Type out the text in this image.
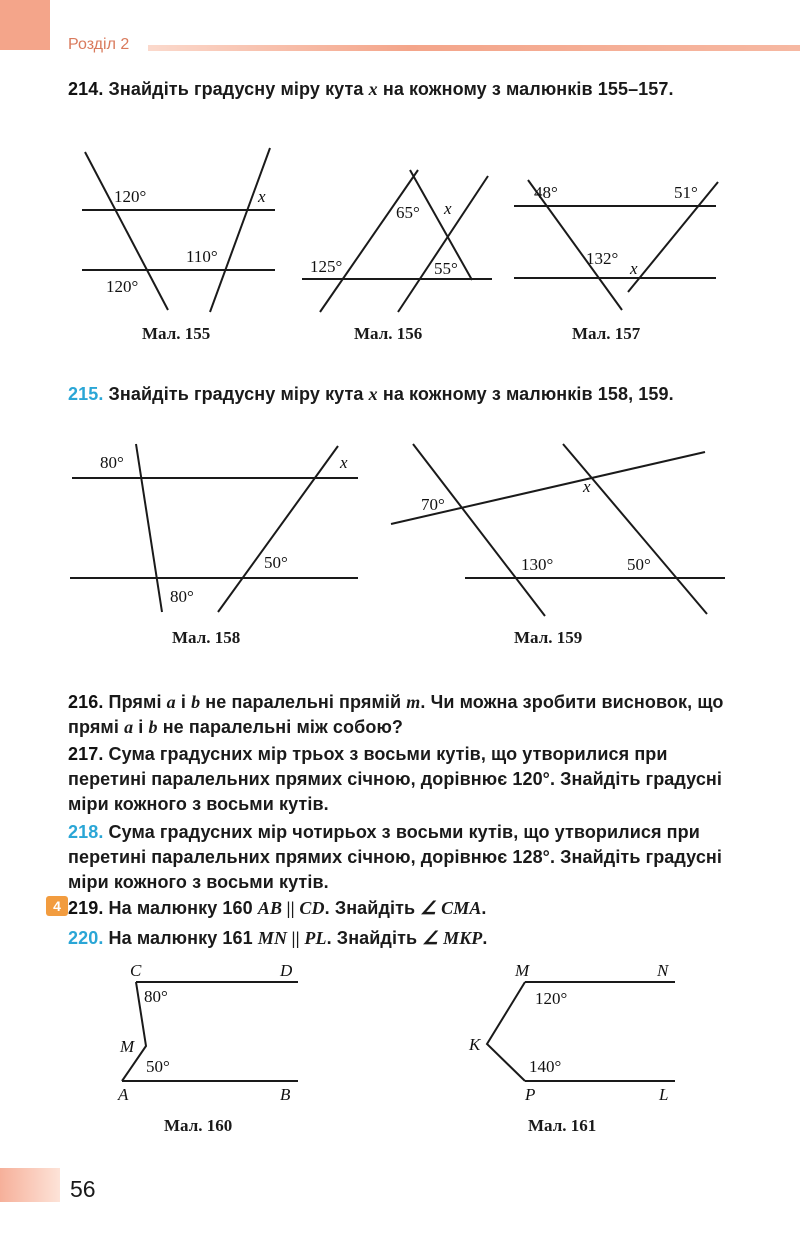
Розділ 2
214. Знайдіть градусну міру кута x на кожному з малюнків 155–157.
120°	x
110°
120°
Мал. 155
65° x
125°	55°
Мал. 156
48°	51°
132°
x
Мал. 157
215. Знайдіть градусну міру кута x на кожному з малюнків 158, 159.
80°	x
50°
80°
Мал. 158
70°
x
130°	50°
Мал. 159
216. Прямі a і b не паралельні прямій m. Чи можна зробити висновок, що прямі a і b не паралельні між собою?
217. Сума градусних мір трьох з восьми кутів, що утворилися при перетині паралельних прямих січною, дорівнює 120°. Знайдіть градусні міри кожного з восьми кутів.
218. Сума градусних мір чотирьох з восьми кутів, що утворилися при перетині паралельних прямих січною, дорівнює 128°. Знайдіть градусні міри кожного з восьми кутів.
4 219. На малюнку 160 AB || CD. Знайдіть ∠ CMA.
220. На малюнку 161 MN || PL. Знайдіть ∠ MKP.
C	D
80°
M
50°
A	B
Мал. 160
M	N
120°
K
140°
P	L
Мал. 161
56
